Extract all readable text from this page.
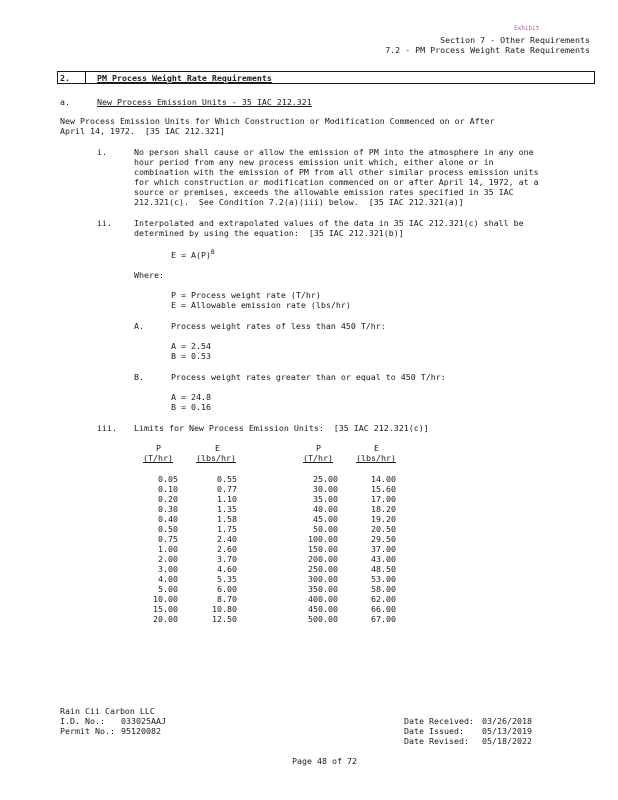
Exhibit
Section 7 - Other Requirements
7.2 - PM Process Weight Rate Requirements
2.	PM Process Weight Rate Requirements
a.	New Process Emission Units - 35 IAC 212.321
New Process Emission Units for Which Construction or Modification Commenced on or After
April 14, 1972.  [35 IAC 212.321]
i.	No person shall cause or allow the emission of PM into the atmosphere in any one
hour period from any new process emission unit which, either alone or in
combination with the emission of PM from all other similar process emission units
for which construction or modification commenced on or after April 14, 1972, at a
source or premises, exceeds the allowable emission rates specified in 35 IAC
212.321(c).  See Condition 7.2(a)(iii) below.  [35 IAC 212.321(a)]
ii.	Interpolated and extrapolated values of the data in 35 IAC 212.321(c) shall be
determined by using the equation:  [35 IAC 212.321(b)]
$E = A(P)^B$
Where:
P = Process weight rate (T/hr)
E = Allowable emission rate (lbs/hr)
A.	Process weight rates of less than 450 T/hr:
A = 2.54
B = 0.53
B.	Process weight rates greater than or equal to 450 T/hr:
A = 24.8
B = 0.16
iii. Limits for New Process Emission Units:  [35 IAC 212.321(c)]
P	E	P	E
(T/hr)	(lbs/hr)	(T/hr)	(lbs/hr)
0.05	0.55	25.00	14.00
0.10	0.77	30.00	15.60
0.20	1.10	35.00	17.00
0.30	1.35	40.00	18.20
0.40	1.58	45.00	19.20
0.50	1.75	50.00	20.50
0.75	2.40	100.00	29.50
1.00	2.60	150.00	37.00
2.00	3.70	200.00	43.00
3.00	4.60	250.00	48.50
4.00	5.35	300.00	53.00
5.00	6.00	350.00	58.00
10.00	8.70	400.00	62.00
15.00	10.80	450.00	66.00
20.00	12.50	500.00	67.00
Rain Cii Carbon LLC
I.D. No.: 033025AAJ
Permit No.: 95120082
Date Received: 03/26/2018
Date Issued: 05/13/2019
Date Revised: 05/18/2022
Page 48 of 72
